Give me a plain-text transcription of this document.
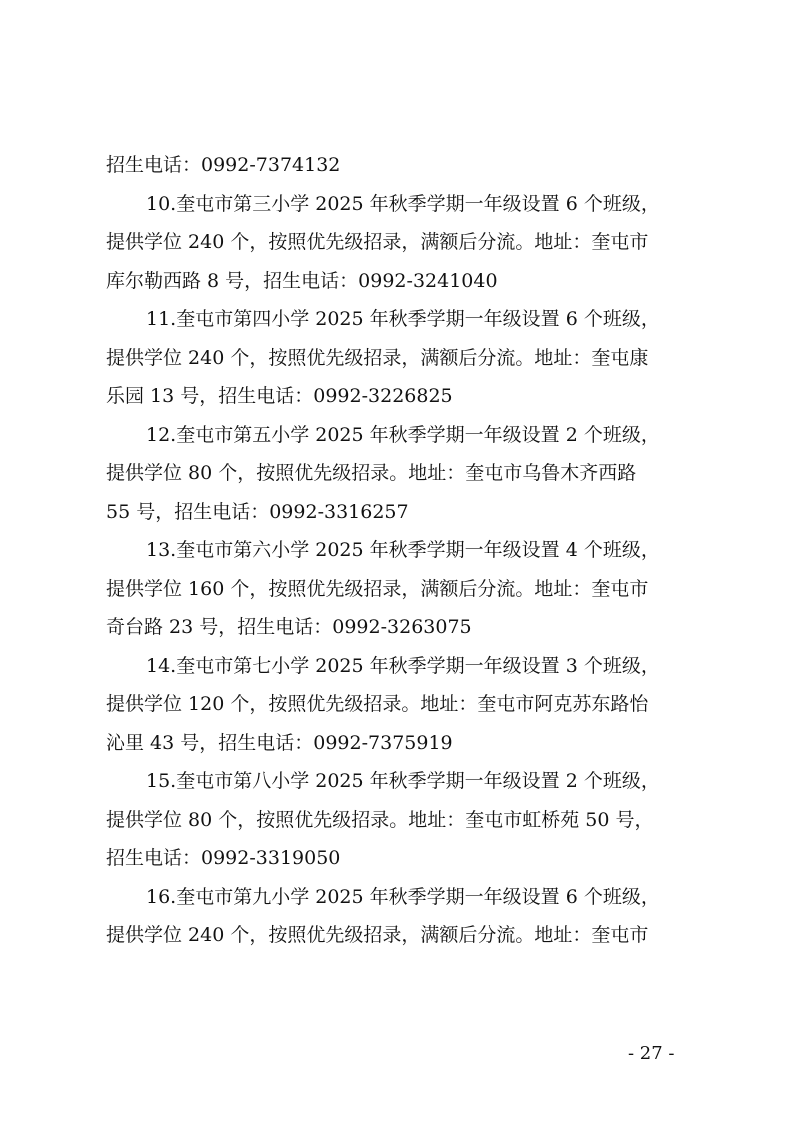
招生电话：0992-7374132
10.奎屯市第三小学 2025 年秋季学期一年级设置 6 个班级，
提供学位 240 个，按照优先级招录，满额后分流。地址：奎屯市
库尔勒西路 8 号，招生电话：0992-3241040
11.奎屯市第四小学 2025 年秋季学期一年级设置 6 个班级，
提供学位 240 个，按照优先级招录，满额后分流。地址：奎屯康
乐园 13 号，招生电话：0992-3226825
12.奎屯市第五小学 2025 年秋季学期一年级设置 2 个班级，
提供学位 80 个，按照优先级招录。地址：奎屯市乌鲁木齐西路
55 号，招生电话：0992-3316257
13.奎屯市第六小学 2025 年秋季学期一年级设置 4 个班级，
提供学位 160 个，按照优先级招录，满额后分流。地址：奎屯市
奇台路 23 号，招生电话：0992-3263075
14.奎屯市第七小学 2025 年秋季学期一年级设置 3 个班级，
提供学位 120 个，按照优先级招录。地址：奎屯市阿克苏东路怡
沁里 43 号，招生电话：0992-7375919
15.奎屯市第八小学 2025 年秋季学期一年级设置 2 个班级，
提供学位 80 个，按照优先级招录。地址：奎屯市虹桥苑 50 号，
招生电话：0992-3319050
16.奎屯市第九小学 2025 年秋季学期一年级设置 6 个班级，
提供学位 240 个，按照优先级招录，满额后分流。地址：奎屯市
- 27 -
